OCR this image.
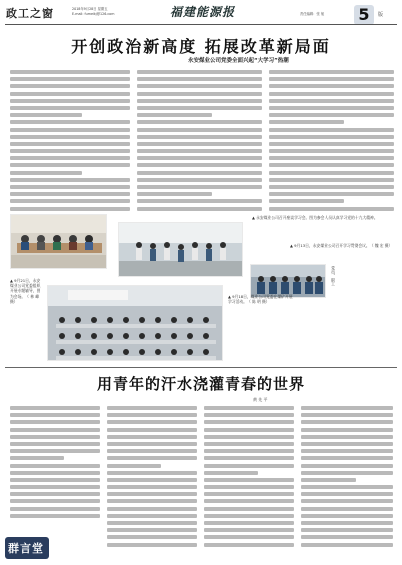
政工之窗	2018年9月28日 星期五
E-mail: fumeikj@126.com	福建能源报	责任编辑：张 航 5	版
开创政治新高度 拓展改革新局面
永安煤业公司党委全面兴起“大学习”热潮
▲ 永安煤业公司召开座谈学习会。图为参会人员认真学习党的十九大精神。
▲ 9月13日，永安煤业公司召开学习贯彻会议。（ 魏 宏 摄）
党员、职工
▲ 9月21日，永安煤业公司党委组织开展专题辅导，图为会场。（ 林 峰 摄）
▲ 9月18日，煤业公司党委在煤矿开展学习活动。（ 陈 明 摄）
用青年的汗水浇灌青春的世界
黄 先 平
群言堂
